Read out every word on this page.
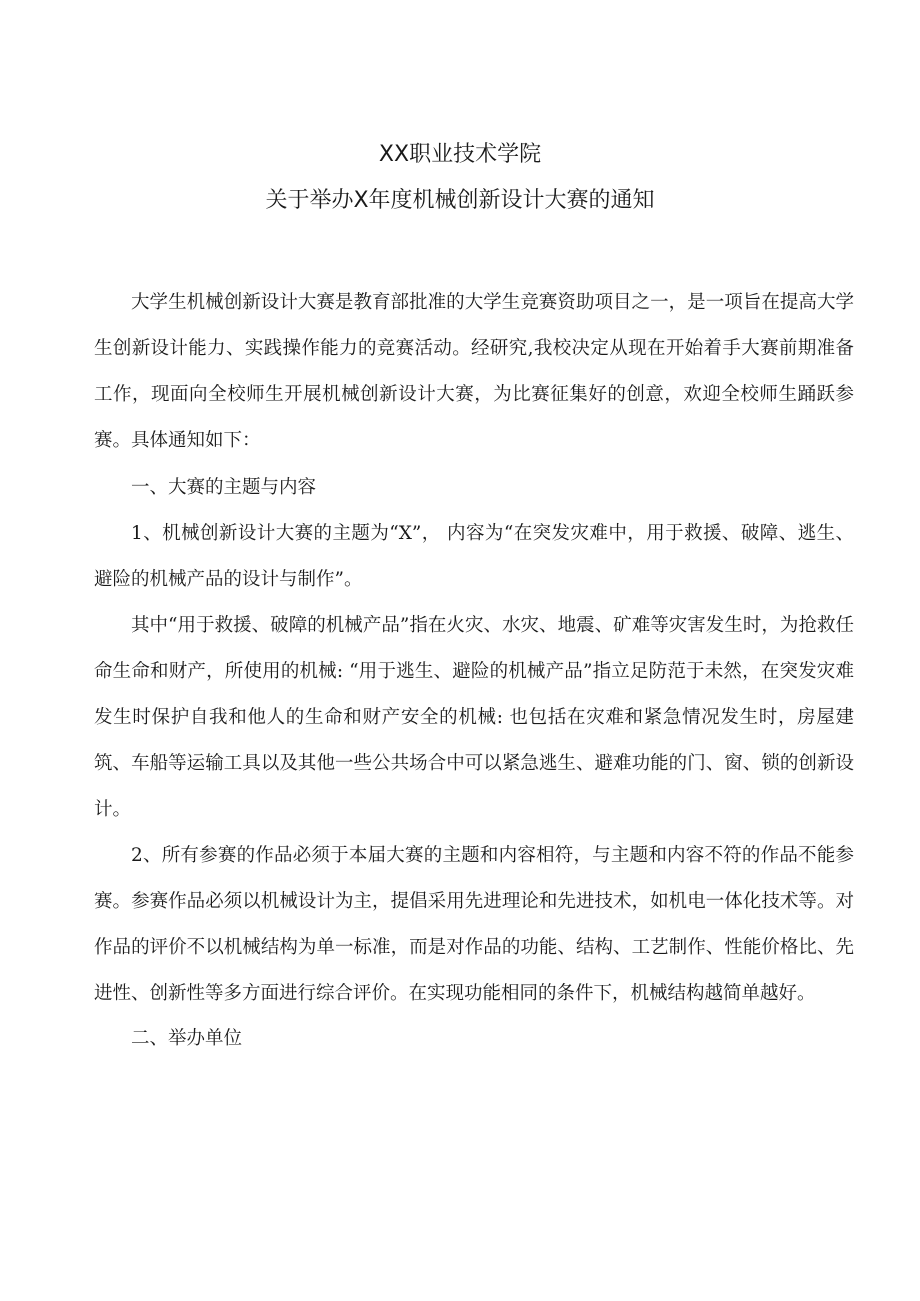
XX职业技术学院
关于举办X年度机械创新设计大赛的通知

大学生机械创新设计大赛是教育部批准的大学生竞赛资助项目之一，是一项旨在提高大学生创新设计能力、实践操作能力的竞赛活动。经研究,我校决定从现在开始着手大赛前期准备工作，现面向全校师生开展机械创新设计大赛，为比赛征集好的创意，欢迎全校师生踊跃参赛。具体通知如下：

一、大赛的主题与内容

1、机械创新设计大赛的主题为“X”， 内容为“在突发灾难中，用于救援、破障、逃生、避险的机械产品的设计与制作”。

其中“用于救援、破障的机械产品”指在火灾、水灾、地震、矿难等灾害发生时，为抢救任命生命和财产，所使用的机械: “用于逃生、避险的机械产品”指立足防范于未然，在突发灾难发生时保护自我和他人的生命和财产安全的机械: 也包括在灾难和紧急情况发生时，房屋建筑、车船等运输工具以及其他一些公共场合中可以紧急逃生、避难功能的门、窗、锁的创新设计。

2、所有参赛的作品必须于本届大赛的主题和内容相符，与主题和内容不符的作品不能参赛。参赛作品必须以机械设计为主，提倡采用先进理论和先进技术，如机电一体化技术等。对作品的评价不以机械结构为单一标准，而是对作品的功能、结构、工艺制作、性能价格比、先进性、创新性等多方面进行综合评价。在实现功能相同的条件下，机械结构越简单越好。

二、举办单位
